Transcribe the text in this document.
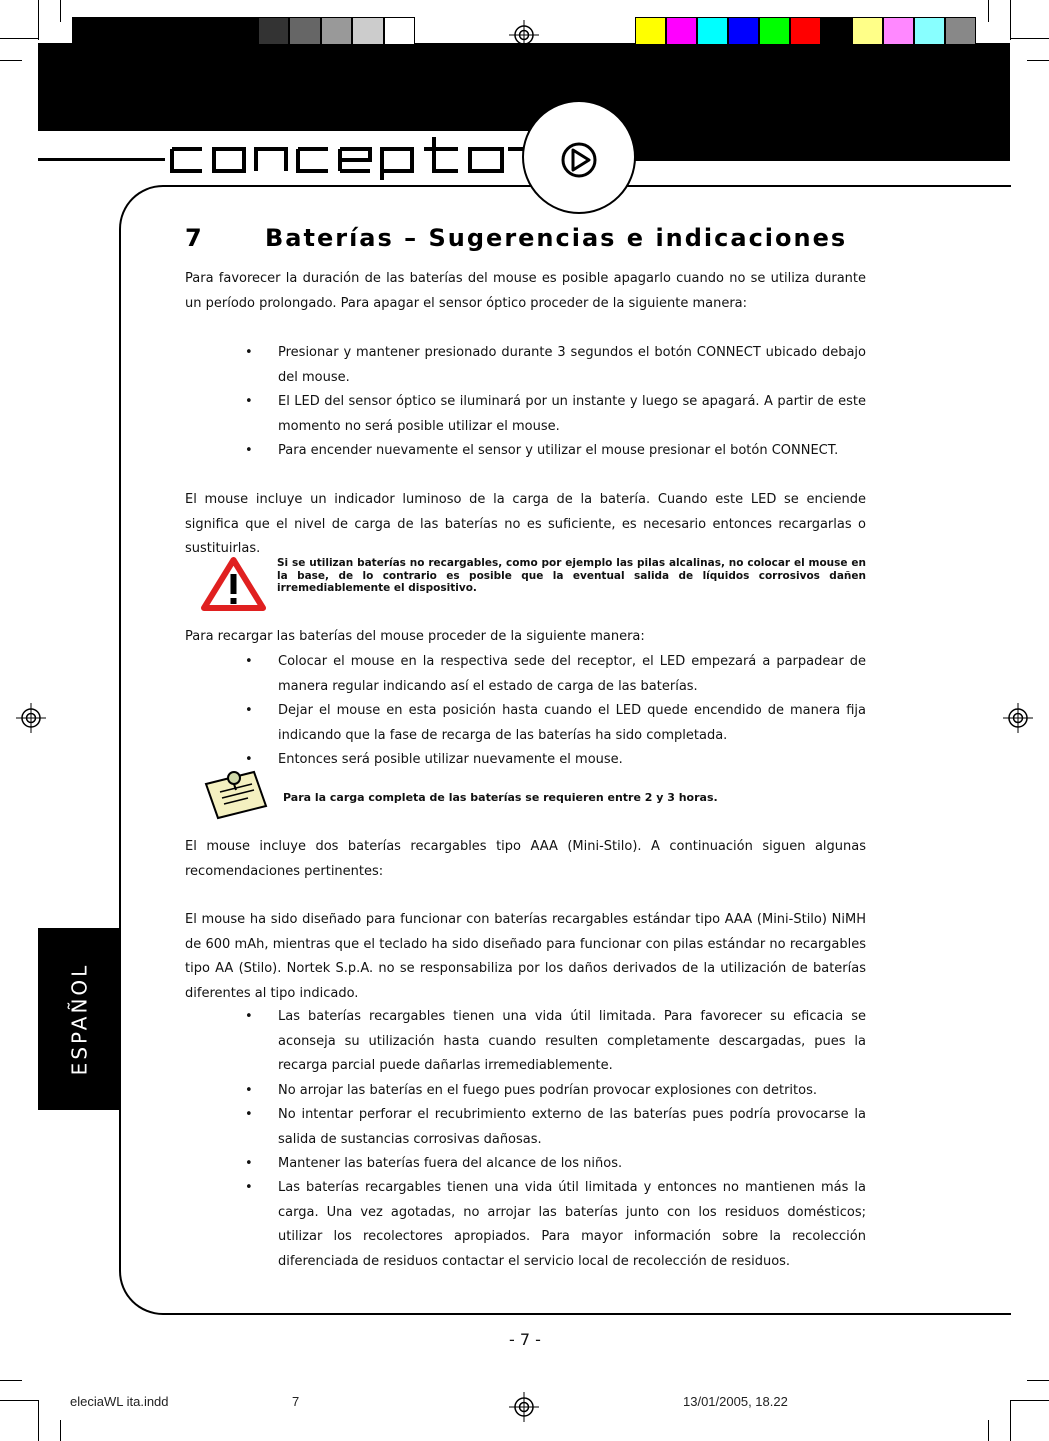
ESPAÑOL
7	Baterías – Sugerencias e indicaciones

Para favorecer la duración de las baterías del mouse es posible apagarlo cuando no se utiliza durante un período prolongado. Para apagar el sensor óptico proceder de la siguiente manera:

•	Presionar y mantener presionado durante 3 segundos el botón CONNECT ubicado debajo del mouse.
•	El LED del sensor óptico se iluminará por un instante y luego se apagará. A partir de este momento no será posible utilizar el mouse.
•	Para encender nuevamente el sensor y utilizar el mouse presionar el botón CONNECT.

El mouse incluye un indicador luminoso de la carga de la batería. Cuando este LED se enciende significa que el nivel de carga de las baterías no es suficiente, es necesario entonces recargarlas o sustituirlas.

Si se utilizan baterías no recargables, como por ejemplo las pilas alcalinas, no colocar el mouse en la base, de lo contrario es posible que la eventual salida de líquidos corrosivos dañen irremediablemente el dispositivo.

Para recargar las baterías del mouse proceder de la siguiente manera:

•	Colocar el mouse en la respectiva sede del receptor, el LED empezará a parpadear de manera regular indicando así el estado de carga de las baterías.
•	Dejar el mouse en esta posición hasta cuando el LED quede encendido de manera fija indicando que la fase de recarga de las baterías ha sido completada.
•	Entonces será posible utilizar nuevamente el mouse.
Para la carga completa de las baterías se requieren entre 2 y 3 horas.

El mouse incluye dos baterías recargables tipo AAA (Mini-Stilo). A continuación siguen algunas recomendaciones pertinentes:

El mouse ha sido diseñado para funcionar con baterías recargables estándar tipo AAA (Mini-Stilo) NiMH de 600 mAh, mientras que el teclado ha sido diseñado para funcionar con pilas estándar no recargables tipo AA (Stilo). Nortek S.p.A. no se responsabiliza por los daños derivados de la utilización de baterías diferentes al tipo indicado.

•	Las baterías recargables tienen una vida útil limitada. Para favorecer su eficacia se aconseja su utilización hasta cuando resulten completamente descargadas, pues la recarga parcial puede dañarlas irremediablemente.
•	No arrojar las baterías en el fuego pues podrían provocar explosiones con detritos.
•	No intentar perforar el recubrimiento externo de las baterías pues podría provocarse la salida de sustancias corrosivas dañosas.
•	Mantener las baterías fuera del alcance de los niños.
•	Las baterías recargables tienen una vida útil limitada y entonces no mantienen más la carga. Una vez agotadas, no arrojar las baterías junto con los residuos domésticos; utilizar los recolectores apropiados. Para mayor información sobre la recolección diferenciada de residuos contactar el servicio local de recolección de residuos.
- 7 -
eleciaWL ita.indd	7	13/01/2005, 18.22
